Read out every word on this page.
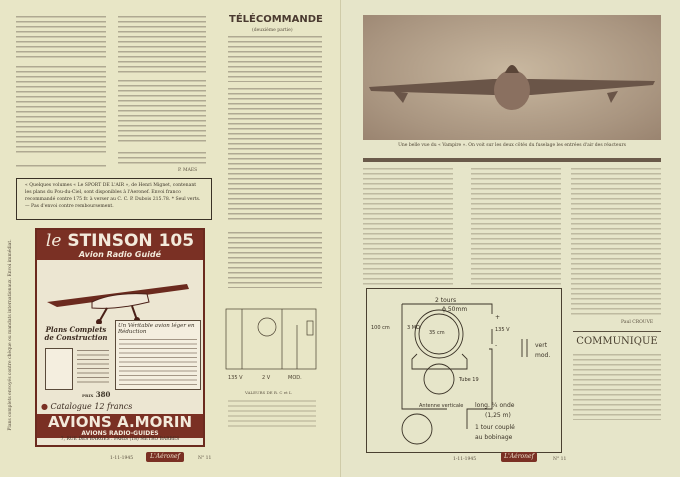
P. MAES
TÉLÉCOMMANDE
(deuxième partie)
« Quelques volumes « Le SPORT DE L'AIR », de Henri Mignet, contenant les plans du Pou-du-Ciel, sont disponibles à l'Aeronef. Envoi franco recommandé contre 175 fr. à verser au C. C. P. Dubois 215.78. * Seul verts. — Pas d'envoi contre remboursement.
Plans complets envoyés contre chèque ou mandats internationaux. Envoi immédiat.	le STINSON 105
Avion Radio Guidé
Plans Complets de Construction
PRIX 380
Un Véritable avion léger en Réduction
● Catalogue 12 francs
AVIONS A.MORIN
AVIONS RADIO-GUIDES
7, RUE DES BARGES . PARIS (18) METRO BARBES
135 V	2 V	MOD.
VALEURS DE R. C et L
1-11-1945	L'Aéronef	N° 11
Une belle vue du « Vampire ». On voit sur les deux côtés du fuselage les entrées d'air des réacteurs
Paul CROUVE
COMMUNIQUE
2 tours
ϕ 50mm
100 cm	3 MΩ
35 cm
+
135 V
-	vert
mod.
Tube 19
Antenne verticale long. ¼ onde
(1,25 m)
1 tour couplé
au bobinage
1-11-1945	L'Aéronef	N° 11
